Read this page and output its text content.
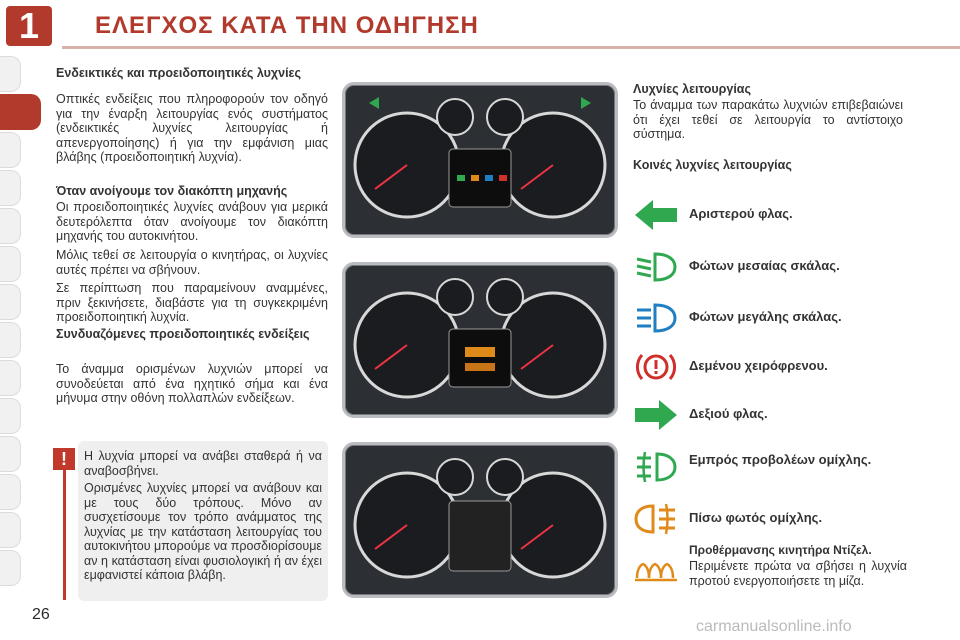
1	ΕΛΕΓΧΟΣ ΚΑΤΑ ΤΗΝ ΟΔΗΓΗΣΗ
Ενδεικτικές και προειδοποιητικές λυχνίες
Οπτικές ενδείξεις που πληροφορούν τον οδηγό για την έναρξη λειτουργίας ενός συστήματος (ενδεικτικές λυχνίες λειτουργίας ή απενεργοποίησης) ή για την εμφάνιση μιας βλάβης (προειδοποιητική λυχνία).
Όταν ανοίγουμε τον διακόπτη μηχανής
Οι προειδοποιητικές λυχνίες ανάβουν για μερικά δευτερόλεπτα όταν ανοίγουμε τον διακόπτη μηχανής του αυτοκινήτου.
Μόλις τεθεί σε λειτουργία ο κινητήρας, οι λυχνίες αυτές πρέπει να σβήνουν.
Σε περίπτωση που παραμείνουν αναμμένες, πριν ξεκινήσετε, διαβάστε για τη συγκεκριμένη προειδοποιητική λυχνία.
Συνδυαζόμενες προειδοποιητικές ενδείξεις
Το άναμμα ορισμένων λυχνιών μπορεί να συνοδεύεται από ένα ηχητικό σήμα και ένα μήνυμα στην οθόνη πολλαπλών ενδείξεων.
!	Η λυχνία μπορεί να ανάβει σταθερά ή να αναβοσβήνει.
Ορισμένες λυχνίες μπορεί να ανάβουν και με τους δύο τρόπους. Μόνο αν συσχετίσουμε τον τρόπο ανάμματος της λυχνίας με την κατάσταση λειτουργίας του αυτοκινήτου μπορούμε να προσδιορίσουμε αν η κατάσταση είναι φυσιολογική ή αν έχει εμφανιστεί κάποια βλάβη.
Λυχνίες λειτουργίας
Το άναμμα των παρακάτω λυχνιών επιβεβαιώνει ότι έχει τεθεί σε λειτουργία το αντίστοιχο σύστημα.
Κοινές λυχνίες λειτουργίας
Αριστερού φλας.
Φώτων μεσαίας σκάλας.
Φώτων μεγάλης σκάλας.
Δεμένου χειρόφρενου.
Δεξιού φλας.
Εμπρός προβολέων ομίχλης.
Πίσω φωτός ομίχλης.
Προθέρμανσης κινητήρα Ντίζελ.
Περιμένετε πρώτα να σβήσει η λυχνία προτού ενεργοποιήσετε τη μίζα.
26
carmanualsonline.info
